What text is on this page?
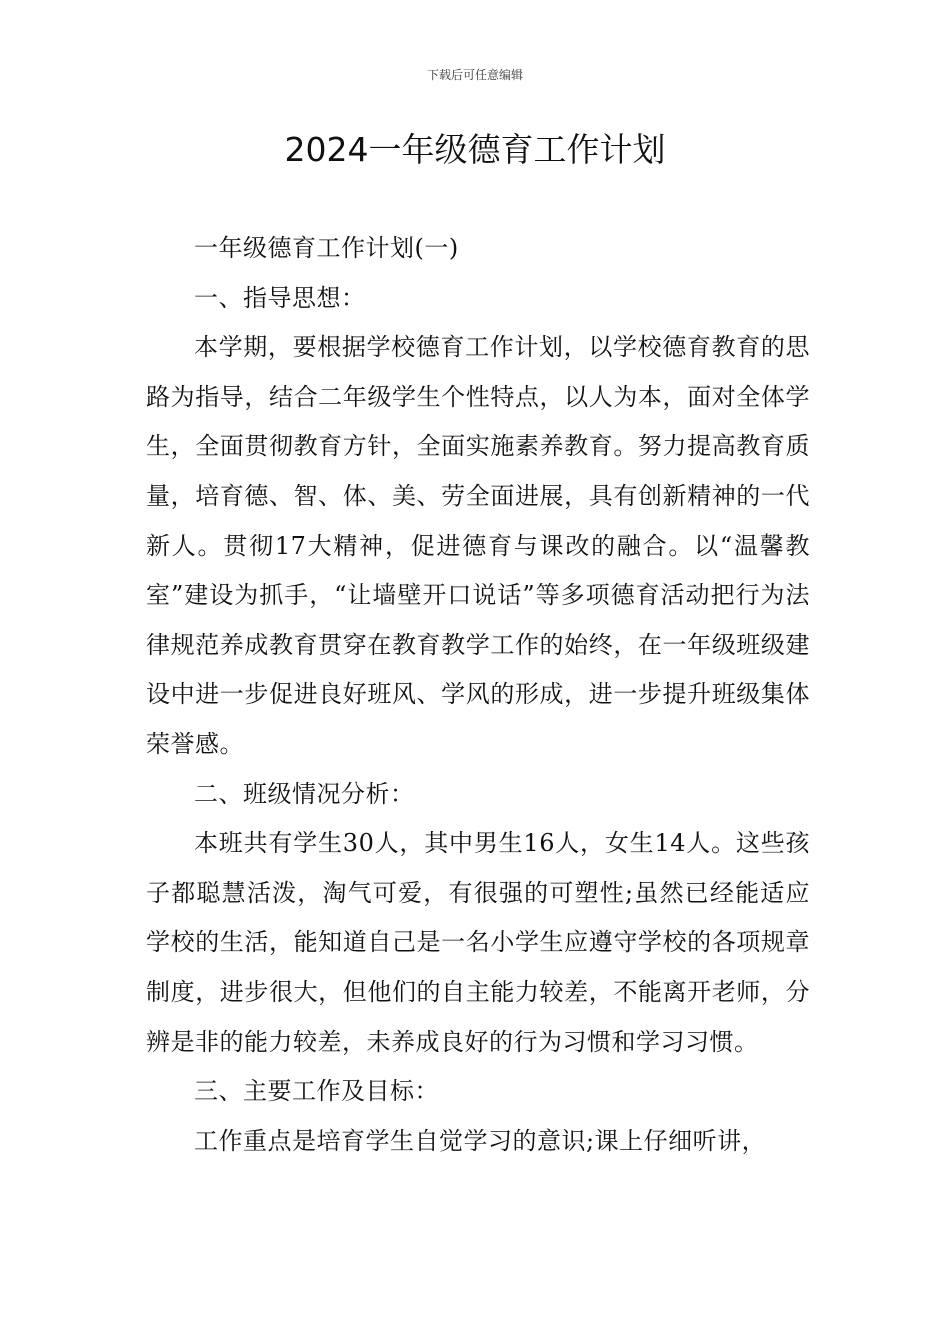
下载后可任意编辑
2024一年级德育工作计划

一年级德育工作计划(一)

一、指导思想：

本学期，要根据学校德育工作计划，以学校德育教育的思路为指导，结合二年级学生个性特点，以人为本，面对全体学生，全面贯彻教育方针，全面实施素养教育。努力提高教育质量，培育德、智、体、美、劳全面进展，具有创新精神的一代新人。贯彻17大精神，促进德育与课改的融合。以“温馨教室”建设为抓手，“让墙壁开口说话”等多项德育活动把行为法律规范养成教育贯穿在教育教学工作的始终，在一年级班级建设中进一步促进良好班风、学风的形成，进一步提升班级集体荣誉感。

二、班级情况分析：

本班共有学生30人，其中男生16人，女生14人。这些孩子都聪慧活泼，淘气可爱，有很强的可塑性;虽然已经能适应学校的生活，能知道自己是一名小学生应遵守学校的各项规章制度，进步很大，但他们的自主能力较差，不能离开老师，分辨是非的能力较差，未养成良好的行为习惯和学习习惯。

三、主要工作及目标：

工作重点是培育学生自觉学习的意识;课上仔细听讲，
